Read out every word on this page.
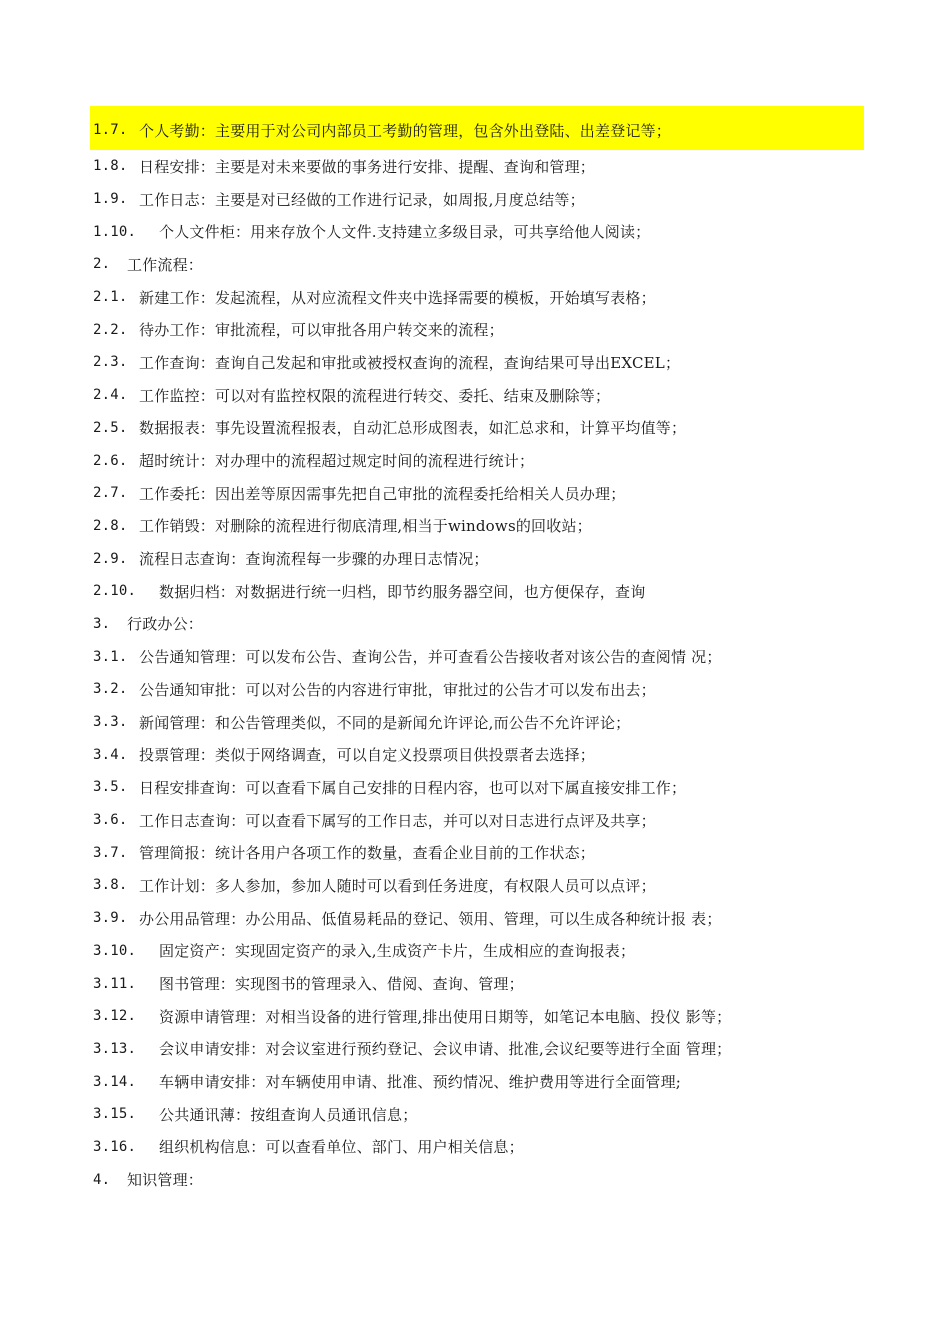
1.7. 个人考勤：主要用于对公司内部员工考勤的管理，包含外出登陆、出差登记等；
1.8. 日程安排：主要是对未来要做的事务进行安排、提醒、查询和管理；
1.9. 工作日志：主要是对已经做的工作进行记录，如周报,月度总结等；
1.10.	个人文件柜：用来存放个人文件.支持建立多级目录，可共享给他人阅读；
2.	工作流程：
2.1. 新建工作：发起流程，从对应流程文件夹中选择需要的模板，开始填写表格；
2.2. 待办工作：审批流程，可以审批各用户转交来的流程；
2.3. 工作查询：查询自己发起和审批或被授权查询的流程，查询结果可导出EXCEL；
2.4. 工作监控：可以对有监控权限的流程进行转交、委托、结束及删除等；
2.5. 数据报表：事先设置流程报表，自动汇总形成图表，如汇总求和，计算平均值等；
2.6. 超时统计：对办理中的流程超过规定时间的流程进行统计；
2.7. 工作委托：因出差等原因需事先把自己审批的流程委托给相关人员办理；
2.8. 工作销毁：对删除的流程进行彻底清理,相当于windows的回收站；
2.9. 流程日志查询：查询流程每一步骤的办理日志情况；
2.10.	数据归档：对数据进行统一归档，即节约服务器空间，也方便保存，查询
3.	行政办公：
3.1. 公告通知管理：可以发布公告、查询公告，并可查看公告接收者对该公告的查阅情 况；
3.2. 公告通知审批：可以对公告的内容进行审批，审批过的公告才可以发布出去；
3.3. 新闻管理：和公告管理类似，不同的是新闻允许评论,而公告不允许评论；
3.4. 投票管理：类似于网络调查，可以自定义投票项目供投票者去选择；
3.5. 日程安排查询：可以查看下属自己安排的日程内容，也可以对下属直接安排工作；
3.6. 工作日志查询：可以查看下属写的工作日志，并可以对日志进行点评及共享；
3.7. 管理简报：统计各用户各项工作的数量，查看企业目前的工作状态；
3.8. 工作计划：多人参加，参加人随时可以看到任务进度，有权限人员可以点评；
3.9. 办公用品管理：办公用品、低值易耗品的登记、领用、管理，可以生成各种统计报 表；
3.10.	固定资产：实现固定资产的录入,生成资产卡片，生成相应的查询报表；
3.11.	图书管理：实现图书的管理录入、借阅、查询、管理；
3.12.	资源申请管理：对相当设备的进行管理,排出使用日期等，如笔记本电脑、投仪 影等；
3.13.	会议申请安排：对会议室进行预约登记、会议申请、批准,会议纪要等进行全面 管理；
3.14.	车辆申请安排：对车辆使用申请、批准、预约情况、维护费用等进行全面管理;
3.15.	公共通讯薄：按组查询人员通讯信息；
3.16.	组织机构信息：可以查看单位、部门、用户相关信息；
4.	知识管理：
